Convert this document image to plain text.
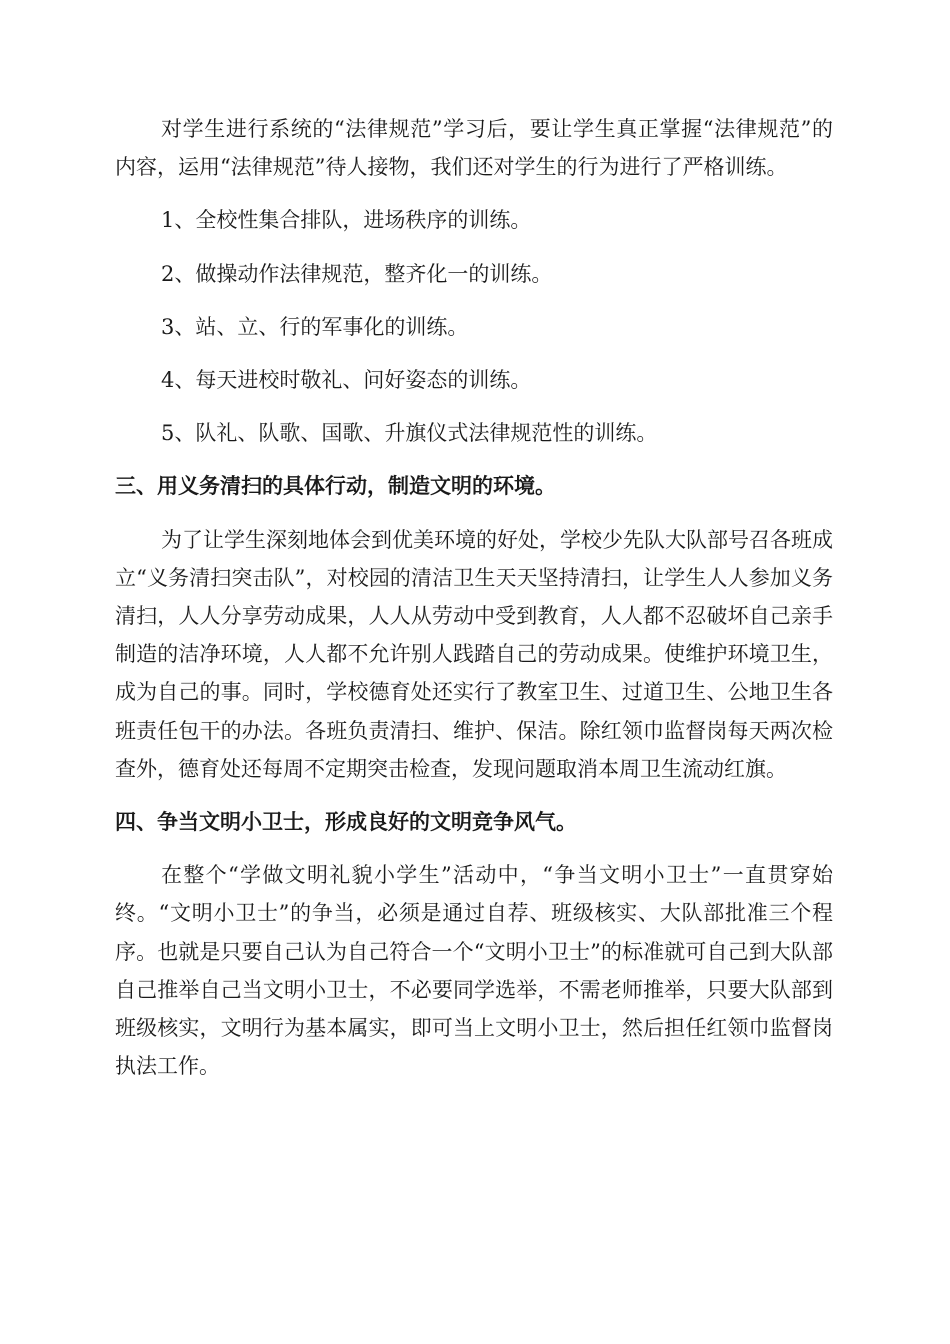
对学生进行系统的“法律规范”学习后，要让学生真正掌握“法律规范”的内容，运用“法律规范”待人接物，我们还对学生的行为进行了严格训练。

1、全校性集合排队，进场秩序的训练。

2、做操动作法律规范，整齐化一的训练。

3、站、立、行的军事化的训练。

4、每天进校时敬礼、问好姿态的训练。

5、队礼、队歌、国歌、升旗仪式法律规范性的训练。

三、用义务清扫的具体行动，制造文明的环境。

为了让学生深刻地体会到优美环境的好处，学校少先队大队部号召各班成立“义务清扫突击队”，对校园的清洁卫生天天坚持清扫，让学生人人参加义务清扫，人人分享劳动成果，人人从劳动中受到教育，人人都不忍破坏自己亲手制造的洁净环境，人人都不允许别人践踏自己的劳动成果。使维护环境卫生，成为自己的事。同时，学校德育处还实行了教室卫生、过道卫生、公地卫生各班责任包干的办法。各班负责清扫、维护、保洁。除红领巾监督岗每天两次检查外，德育处还每周不定期突击检查，发现问题取消本周卫生流动红旗。

四、争当文明小卫士，形成良好的文明竞争风气。

在整个“学做文明礼貌小学生”活动中，“争当文明小卫士”一直贯穿始终。“文明小卫士”的争当，必须是通过自荐、班级核实、大队部批准三个程序。也就是只要自己认为自己符合一个“文明小卫士”的标准就可自己到大队部自己推举自己当文明小卫士，不必要同学选举，不需老师推举，只要大队部到班级核实，文明行为基本属实，即可当上文明小卫士，然后担任红领巾监督岗执法工作。
